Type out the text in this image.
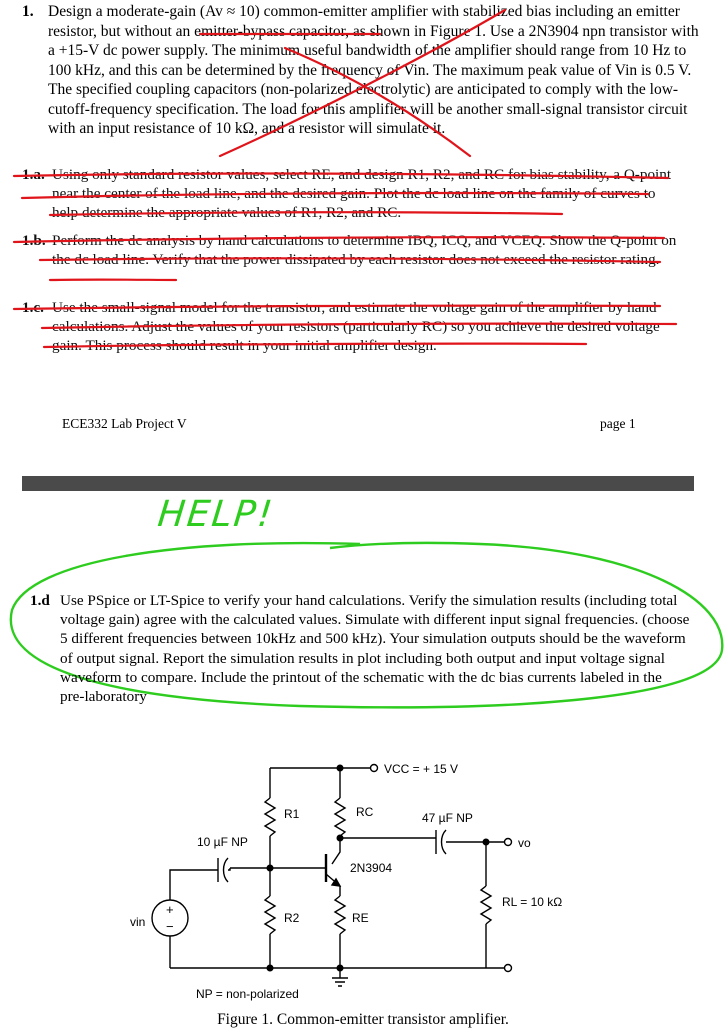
1. Design a moderate-gain (Av ≈ 10) common-emitter amplifier with stabilized bias including an emitter resistor, but without an emitter-bypass capacitor, as shown in Figure 1. Use a 2N3904 npn transistor with a +15-V dc power supply. The minimum useful bandwidth of the amplifier should range from 10 Hz to 100 kHz, and this can be determined by the frequency of Vin. The maximum peak value of Vin is 0.5 V. The specified coupling capacitors (non-polarized electrolytic) are anticipated to comply with the low-cutoff-frequency specification. The load for this amplifier will be another small-signal transistor circuit with an input resistance of 10 kΩ, and a resistor will simulate it.
1.a. Using only standard resistor values, select RE, and design R1, R2, and RC for bias stability, a Q-point near the center of the load line, and the desired gain. Plot the dc load line on the family of curves to help determine the appropriate values of R1, R2, and RC.
1.b. Perform the dc analysis by hand calculations to determine IBQ, ICQ, and VCEQ. Show the Q-point on the dc load line. Verify that the power dissipated by each resistor does not exceed the resistor rating.
1.c. Use the small-signal model for the transistor, and estimate the voltage gain of the amplifier by hand calculations. Adjust the values of your resistors (particularly RC) so you achieve the desired voltage gain. This process should result in your initial amplifier design.
ECE332 Lab Project V	page 1
HELP!
1.d Use PSpice or LT-Spice to verify your hand calculations. Verify the simulation results (including total voltage gain) agree with the calculated values. Simulate with different input signal frequencies. (choose 5 different frequencies between 10kHz and 500 kHz). Your simulation outputs should be the waveform of output signal. Report the simulation results in plot including both output and input voltage signal waveform to compare. Include the printout of the schematic with the dc bias currents labeled in the pre-laboratory
VCC = + 15 V
R1	RC
10 µF NP
47 µF NP
vo
2N3904
RL = 10 kΩ
R2	RE
vin
+
−
NP = non-polarized
Figure 1. Common-emitter transistor amplifier.
